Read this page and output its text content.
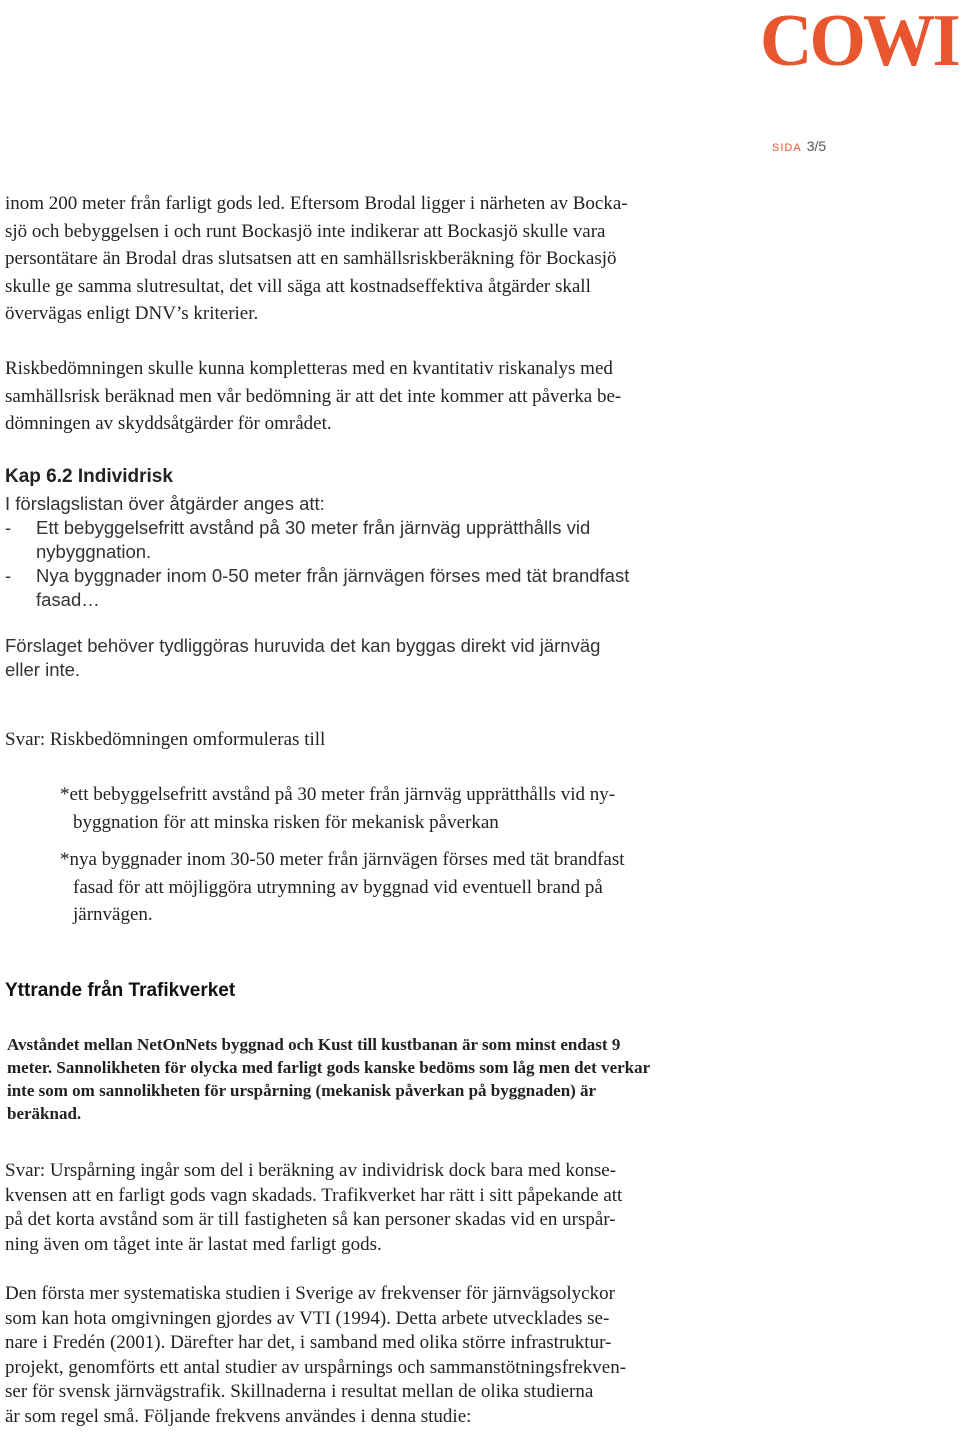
COWI
SIDA 3/5
inom 200 meter från farligt gods led. Eftersom Brodal ligger i närheten av Bocka-
sjö och bebyggelsen i och runt Bockasjö inte indikerar att Bockasjö skulle vara
persontätare än Brodal dras slutsatsen att en samhällsriskberäkning för Bockasjö
skulle ge samma slutresultat, det vill säga att kostnadseffektiva åtgärder skall
övervägas enligt DNV’s kriterier.
Riskbedömningen skulle kunna kompletteras med en kvantitativ riskanalys med
samhällsrisk beräknad men vår bedömning är att det inte kommer att påverka be-
dömningen av skyddsåtgärder för området.
Kap 6.2 Individrisk
I förslagslistan över åtgärder anges att:
- Ett bebyggelsefritt avstånd på 30 meter från järnväg upprätthålls vid
nybyggnation.
- Nya byggnader inom 0-50 meter från järnvägen förses med tät brandfast
fasad…
Förslaget behöver tydliggöras huruvida det kan byggas direkt vid järnväg
eller inte.
Svar: Riskbedömningen omformuleras till
*ett bebyggelsefritt avstånd på 30 meter från järnväg upprätthålls vid ny-
byggnation för att minska risken för mekanisk påverkan
*nya byggnader inom 30-50 meter från järnvägen förses med tät brandfast
fasad för att möjliggöra utrymning av byggnad vid eventuell brand på
järnvägen.
Yttrande från Trafikverket
Avståndet mellan NetOnNets byggnad och Kust till kustbanan är som minst endast 9
meter. Sannolikheten för olycka med farligt gods kanske bedöms som låg men det verkar
inte som om sannolikheten för urspårning (mekanisk påverkan på byggnaden) är
beräknad.
Svar: Urspårning ingår som del i beräkning av individrisk dock bara med konse-
kvensen att en farligt gods vagn skadads. Trafikverket har rätt i sitt påpekande att
på det korta avstånd som är till fastigheten så kan personer skadas vid en urspår-
ning även om tåget inte är lastat med farligt gods.
Den första mer systematiska studien i Sverige av frekvenser för järnvägsolyckor
som kan hota omgivningen gjordes av VTI (1994). Detta arbete utvecklades se-
nare i Fredén (2001). Därefter har det, i samband med olika större infrastruktur-
projekt, genomförts ett antal studier av urspårnings och sammanstötningsfrekven-
ser för svensk järnvägstrafik. Skillnaderna i resultat mellan de olika studierna
är som regel små. Följande frekvens användes i denna studie:
